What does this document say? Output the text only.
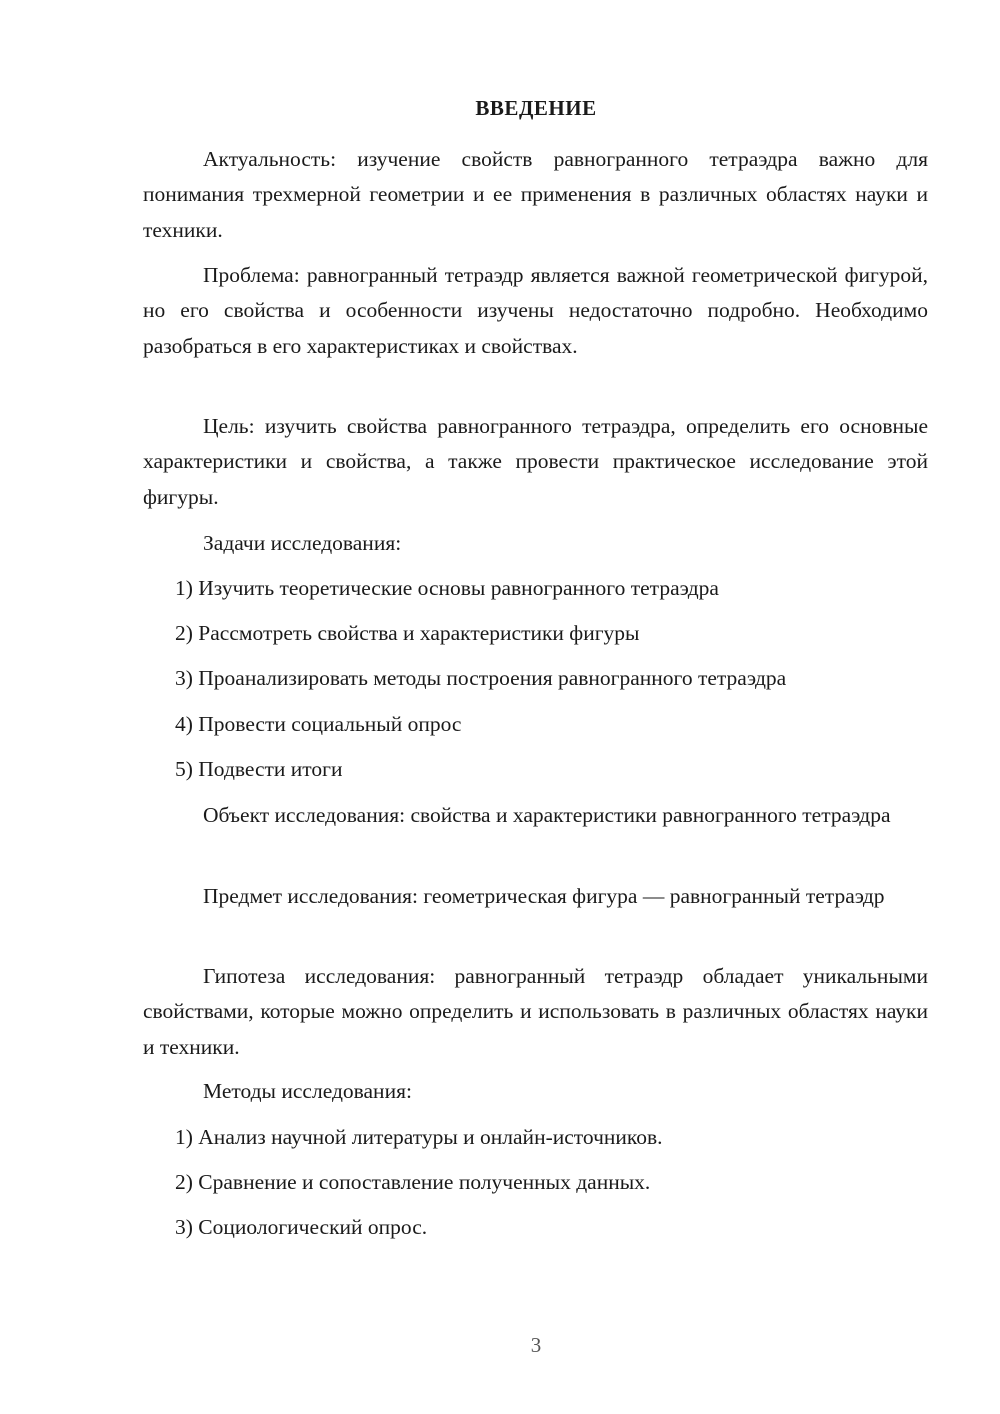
ВВЕДЕНИЕ

Актуальность: изучение свойств равногранного тетраэдра важно для понимания трехмерной геометрии и ее применения в различных областях науки и техники.

Проблема: равногранный тетраэдр является важной геометрической фигурой, но его свойства и особенности изучены недостаточно подробно. Необходимо разобраться в его характеристиках и свойствах.

Цель: изучить свойства равногранного тетраэдра, определить его основные характеристики и свойства, а также провести практическое исследование этой фигуры.

Задачи исследования:

1) Изучить теоретические основы равногранного тетраэдра
2) Рассмотреть свойства и характеристики фигуры
3) Проанализировать методы построения равногранного тетраэдра
4) Провести социальный опрос
5) Подвести итоги

Объект исследования: свойства и характеристики равногранного тетраэдра

Предмет исследования: геометрическая фигура — равногранный тетраэдр

Гипотеза исследования: равногранный тетраэдр обладает уникальными свойствами, которые можно определить и использовать в различных областях науки и техники.

Методы исследования:

1) Анализ научной литературы и онлайн-источников.
2) Сравнение и сопоставление полученных данных.
3) Социологический опрос.
3
